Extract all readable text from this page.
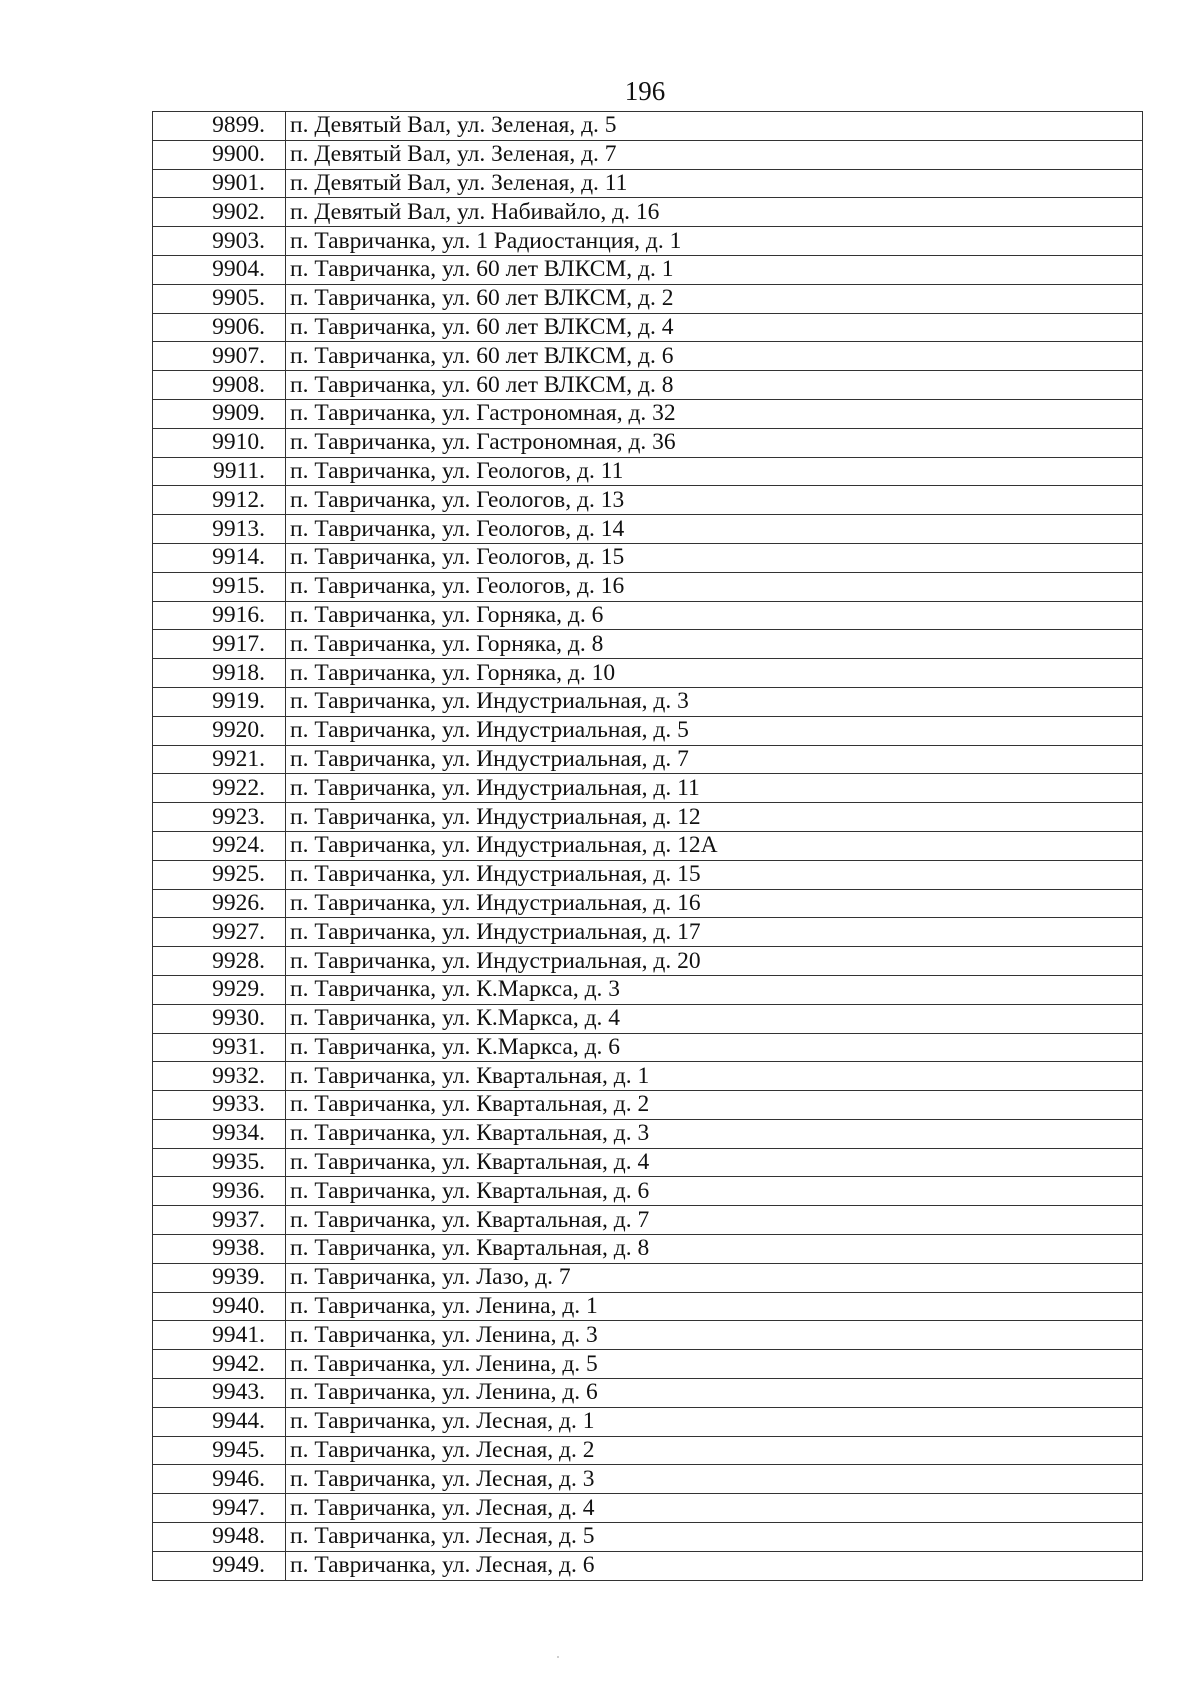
196
9899.	п. Девятый Вал, ул. Зеленая, д. 5
9900.	п. Девятый Вал, ул. Зеленая, д. 7
9901.	п. Девятый Вал, ул. Зеленая, д. 11
9902.	п. Девятый Вал, ул. Набивайло, д. 16
9903.	п. Тавричанка, ул. 1 Радиостанция, д. 1
9904.	п. Тавричанка, ул. 60 лет ВЛКСМ, д. 1
9905.	п. Тавричанка, ул. 60 лет ВЛКСМ, д. 2
9906.	п. Тавричанка, ул. 60 лет ВЛКСМ, д. 4
9907.	п. Тавричанка, ул. 60 лет ВЛКСМ, д. 6
9908.	п. Тавричанка, ул. 60 лет ВЛКСМ, д. 8
9909.	п. Тавричанка, ул. Гастрономная, д. 32
9910.	п. Тавричанка, ул. Гастрономная, д. 36
9911.	п. Тавричанка, ул. Геологов, д. 11
9912.	п. Тавричанка, ул. Геологов, д. 13
9913.	п. Тавричанка, ул. Геологов, д. 14
9914.	п. Тавричанка, ул. Геологов, д. 15
9915.	п. Тавричанка, ул. Геологов, д. 16
9916.	п. Тавричанка, ул. Горняка, д. 6
9917.	п. Тавричанка, ул. Горняка, д. 8
9918.	п. Тавричанка, ул. Горняка, д. 10
9919.	п. Тавричанка, ул. Индустриальная, д. 3
9920.	п. Тавричанка, ул. Индустриальная, д. 5
9921.	п. Тавричанка, ул. Индустриальная, д. 7
9922.	п. Тавричанка, ул. Индустриальная, д. 11
9923.	п. Тавричанка, ул. Индустриальная, д. 12
9924.	п. Тавричанка, ул. Индустриальная, д. 12А
9925.	п. Тавричанка, ул. Индустриальная, д. 15
9926.	п. Тавричанка, ул. Индустриальная, д. 16
9927.	п. Тавричанка, ул. Индустриальная, д. 17
9928.	п. Тавричанка, ул. Индустриальная, д. 20
9929.	п. Тавричанка, ул. К.Маркса, д. 3
9930.	п. Тавричанка, ул. К.Маркса, д. 4
9931.	п. Тавричанка, ул. К.Маркса, д. 6
9932.	п. Тавричанка, ул. Квартальная, д. 1
9933.	п. Тавричанка, ул. Квартальная, д. 2
9934.	п. Тавричанка, ул. Квартальная, д. 3
9935.	п. Тавричанка, ул. Квартальная, д. 4
9936.	п. Тавричанка, ул. Квартальная, д. 6
9937.	п. Тавричанка, ул. Квартальная, д. 7
9938.	п. Тавричанка, ул. Квартальная, д. 8
9939.	п. Тавричанка, ул. Лазо, д. 7
9940.	п. Тавричанка, ул. Ленина, д. 1
9941.	п. Тавричанка, ул. Ленина, д. 3
9942.	п. Тавричанка, ул. Ленина, д. 5
9943.	п. Тавричанка, ул. Ленина, д. 6
9944.	п. Тавричанка, ул. Лесная, д. 1
9945.	п. Тавричанка, ул. Лесная, д. 2
9946.	п. Тавричанка, ул. Лесная, д. 3
9947.	п. Тавричанка, ул. Лесная, д. 4
9948.	п. Тавричанка, ул. Лесная, д. 5
9949.	п. Тавричанка, ул. Лесная, д. 6
